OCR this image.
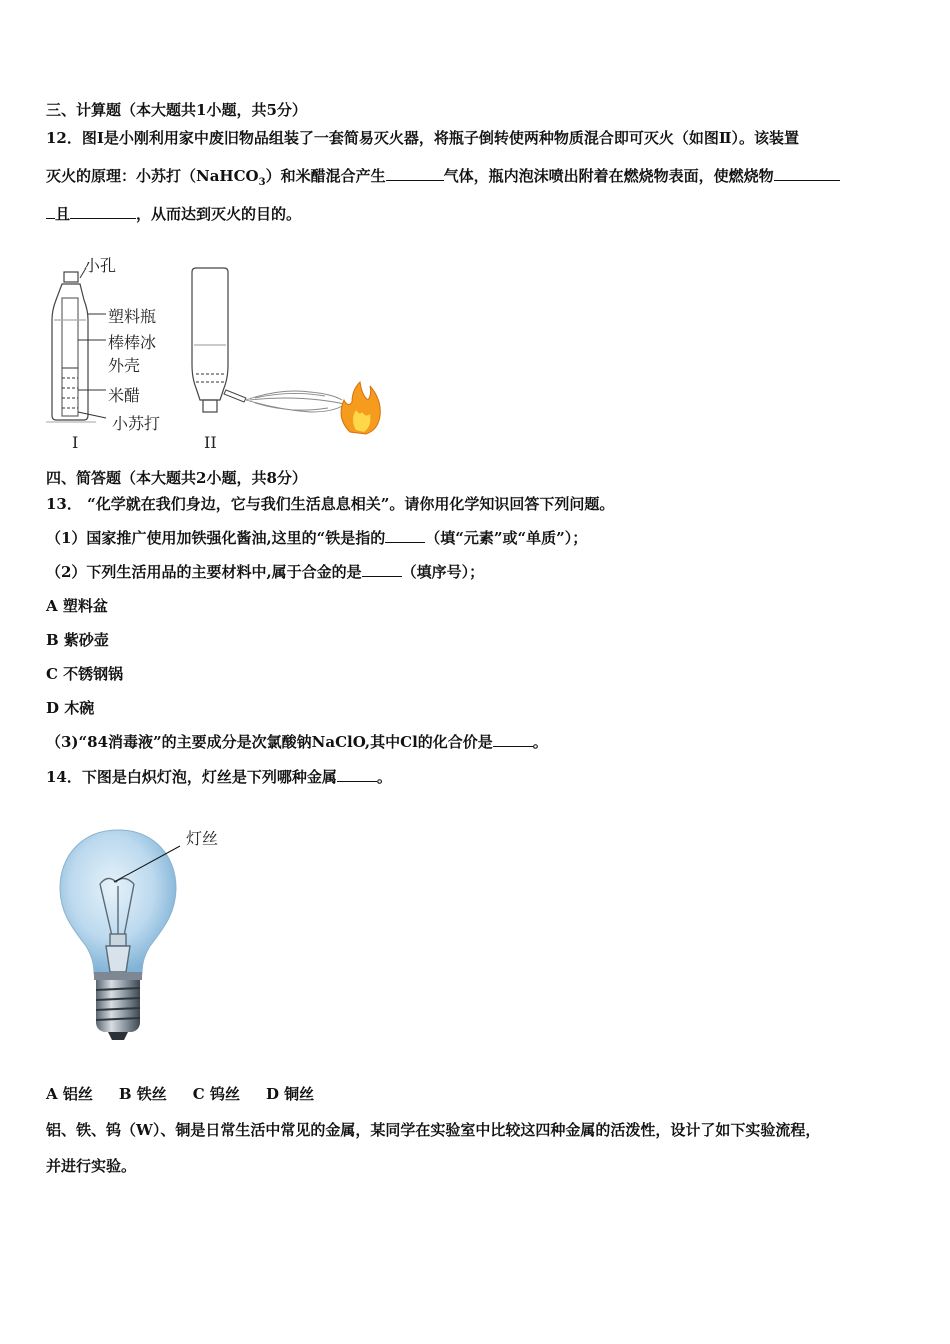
三、计算题（本大题共1小题，共5分）
12．图I是小刚利用家中废旧物品组装了一套简易灭火器，将瓶子倒转使两种物质混合即可灭火（如图Ⅱ）。该装置
灭火的原理：小苏打（NaHCO$_3$）和米醋混合产生	气体，瓶内泡沫喷出附着在燃烧物表面，使燃烧物
且	，从而达到灭火的目的。
小孔
塑料瓶
棒棒冰
外壳
米醋
小苏打
I	II
四、简答题（本大题共2小题，共8分）
13． “化学就在我们身边，它与我们生活息息相关”。请你用化学知识回答下列问题。
（1）国家推广使用加铁强化酱油,这里的“铁是指的	（填“元素”或“单质”）；
（2）下列生活用品的主要材料中,属于合金的是	（填序号）；
A 塑料盆
B 紫砂壶
C 不锈钢锅
D 木碗
（3)“84消毒液”的主要成分是次氯酸钠NaClO,其中Cl的化合价是	。
14．下图是白炽灯泡，灯丝是下列哪种金属	。
灯丝
A 铝丝 B 铁丝 C 钨丝 D 铜丝
铝、铁、钨（W）、铜是日常生活中常见的金属，某同学在实验室中比较这四种金属的活泼性，设计了如下实验流程，
并进行实验。
